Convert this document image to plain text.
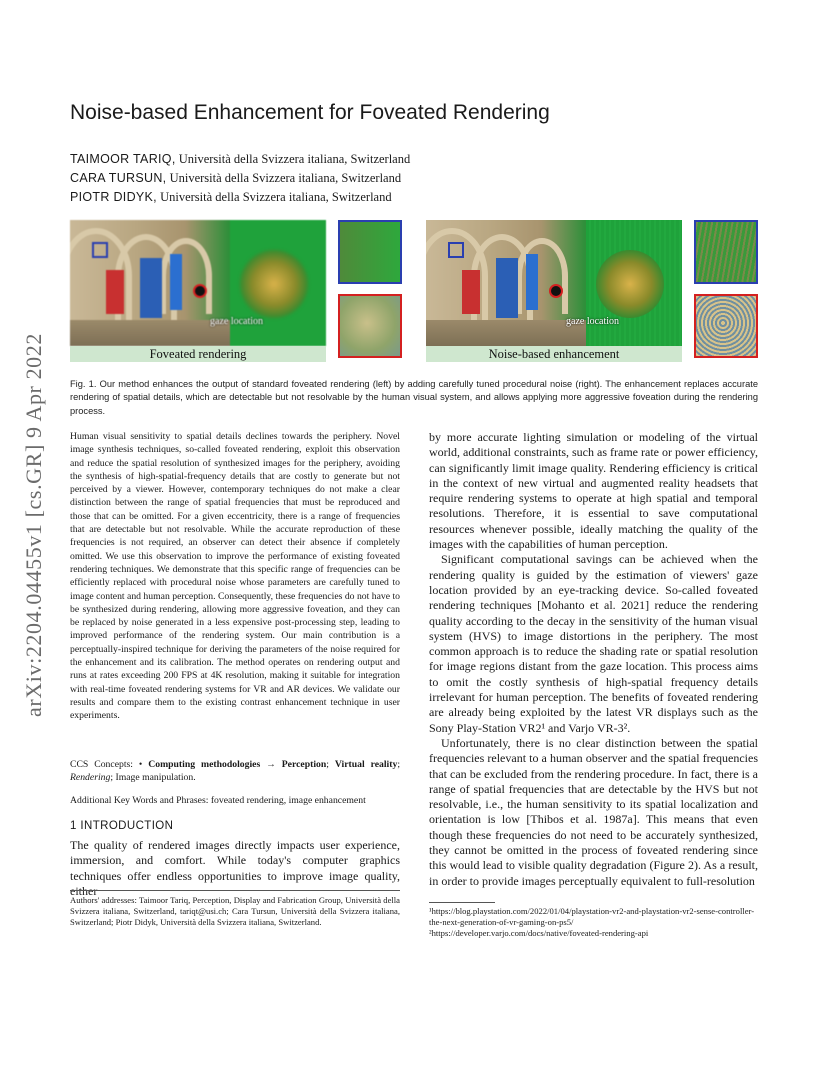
arXiv:2204.04455v1 [cs.GR] 9 Apr 2022
Noise-based Enhancement for Foveated Rendering
TAIMOOR TARIQ, Università della Svizzera italiana, Switzerland
CARA TURSUN, Università della Svizzera italiana, Switzerland
PIOTR DIDYK, Università della Svizzera italiana, Switzerland
gaze location
Foveated rendering
gaze location
Noise-based enhancement
Fig. 1. Our method enhances the output of standard foveated rendering (left) by adding carefully tuned procedural noise (right). The enhancement replaces accurate rendering of spatial details, which are detectable but not resolvable by the human visual system, and allows applying more aggressive foveation during the rendering process.
Human visual sensitivity to spatial details declines towards the periphery. Novel image synthesis techniques, so-called foveated rendering, exploit this observation and reduce the spatial resolution of synthesized images for the periphery, avoiding the synthesis of high-spatial-frequency details that are costly to generate but not perceived by a viewer. However, contemporary techniques do not make a clear distinction between the range of spatial frequencies that must be reproduced and those that can be omitted. For a given eccentricity, there is a range of frequencies that are detectable but not resolvable. While the accurate reproduction of these frequencies is not required, an observer can detect their absence if completely omitted. We use this observation to improve the performance of existing foveated rendering techniques. We demonstrate that this specific range of frequencies can be efficiently replaced with procedural noise whose parameters are carefully tuned to image content and human perception. Consequently, these frequencies do not have to be synthesized during rendering, allowing more aggressive foveation, and they can be replaced by noise generated in a less expensive post-processing step, leading to improved performance of the rendering system. Our main contribution is a perceptually-inspired technique for deriving the parameters of the noise required for the enhancement and its calibration. The method operates on rendering output and runs at rates exceeding 200 FPS at 4K resolution, making it suitable for integration with real-time foveated rendering systems for VR and AR devices. We validate our results and compare them to the existing contrast enhancement technique in user experiments.
CCS Concepts: • Computing methodologies → Perception; Virtual reality; Rendering; Image manipulation.
Additional Key Words and Phrases: foveated rendering, image enhancement
1 INTRODUCTION
The quality of rendered images directly impacts user experience, immersion, and comfort. While today's computer graphics techniques offer endless opportunities to improve image quality,
Authors' addresses: Taimoor Tariq, Perception, Display and Fabrication Group, Università della Svizzera italiana, Switzerland, tariqt@usi.ch; Cara Tursun, Università della Svizzera italiana, Switzerland; Piotr Didyk, Università della Svizzera italiana, Switzerland.

by more accurate lighting simulation or modeling of the virtual world, additional constraints, such as frame rate or power efficiency, can significantly limit image quality. Rendering efficiency is critical in the context of new virtual and augmented reality headsets that require rendering systems to operate at high spatial and temporal resolutions. Therefore, it is essential to save computational resources whenever possible, ideally matching the quality of the images with the capabilities of human perception.

Significant computational savings can be achieved when the rendering quality is guided by the estimation of viewers' gaze location provided by an eye-tracking device. So-called foveated rendering techniques [Mohanto et al. 2021] reduce the rendering quality according to the decay in the sensitivity of the human visual system (HVS) to image distortions in the periphery. The most common approach is to reduce the shading rate or spatial resolution for image regions distant from the gaze location. This process aims to omit the costly synthesis of high-spatial frequency details irrelevant for human perception. The benefits of foveated rendering are already being exploited by the latest VR displays such as the Sony Play-Station VR2¹ and Varjo VR-3².

Unfortunately, there is no clear distinction between the spatial frequencies relevant to a human observer and the spatial frequencies that can be excluded from the rendering procedure. In fact, there is a range of spatial frequencies that are detectable by the HVS but not resolvable, i.e., the human sensitivity to its spatial localization and orientation is low [Thibos et al. 1987a]. This means that even though these frequencies do not need to be accurately synthesized, they cannot be omitted in the process of foveated rendering since this would lead to visible quality degradation (Figure 2). As a result, in order to provide images perceptually equivalent to full-resolution

¹https://blog.playstation.com/2022/01/04/playstation-vr2-and-playstation-vr2-sense-controller-the-next-generation-of-vr-gaming-on-ps5/
²https://developer.varjo.com/docs/native/foveated-rendering-api
